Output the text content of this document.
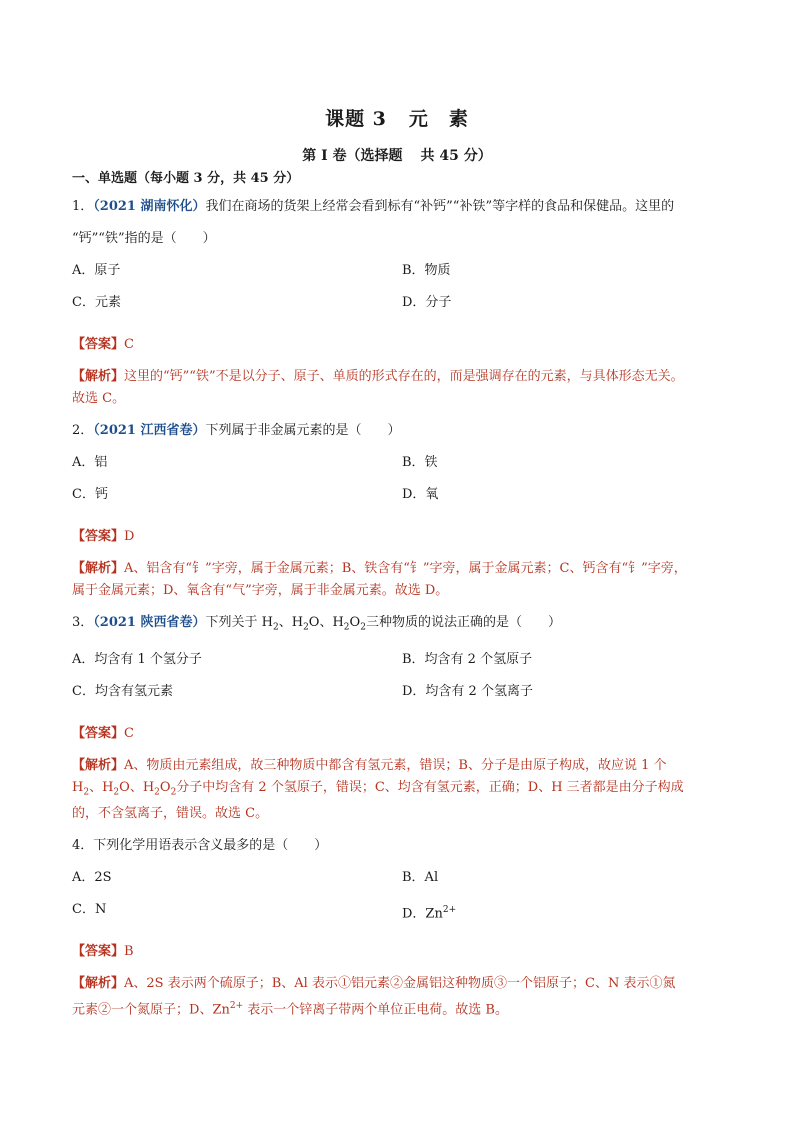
课题 3 元　素
第 I 卷（选择题 共 45 分）
一、单选题（每小题 3 分，共 45 分）
1．（2021 湖南怀化）我们在商场的货架上经常会看到标有“补钙”“补铁”等字样的食品和保健品。这里的
“钙”“铁”指的是（　　）
A．原子	B．物质
C．元素	D．分子
【答案】C
【解析】这里的“钙”“铁”不是以分子、原子、单质的形式存在的，而是强调存在的元素，与具体形态无关。
故选 C。
2．（2021 江西省卷）下列属于非金属元素的是（　　）
A．铝	B．铁
C．钙	D．氧
【答案】D
【解析】A、铝含有“钅”字旁，属于金属元素；B、铁含有“钅”字旁，属于金属元素；C、钙含有“钅”字旁，
属于金属元素；D、氧含有“气”字旁，属于非金属元素。故选 D。
3．（2021 陕西省卷）下列关于 $H_2$、$H_2O$、$H_2O_2$三种物质的说法正确的是（　　）
A．均含有 1 个氢分子	B．均含有 2 个氢原子
C．均含有氢元素	D．均含有 2 个氢离子
【答案】C
【解析】A、物质由元素组成，故三种物质中都含有氢元素，错误；B、分子是由原子构成，故应说 1 个
$H_2$、$H_2O$、$H_2O_2$分子中均含有 2 个氢原子，错误；C、均含有氢元素，正确；D、H 三者都是由分子构成
的，不含氢离子，错误。故选 C。
4．下列化学用语表示含义最多的是（　　）
A．2S	B．Al
C．N	D．$Zn^{2+}$
【答案】B
【解析】A、2S 表示两个硫原子；B、Al 表示①铝元素②金属铝这种物质③一个铝原子；C、N 表示①氮
元素②一个氮原子；D、$Zn^{2+}$ 表示一个锌离子带两个单位正电荷。故选 B。
